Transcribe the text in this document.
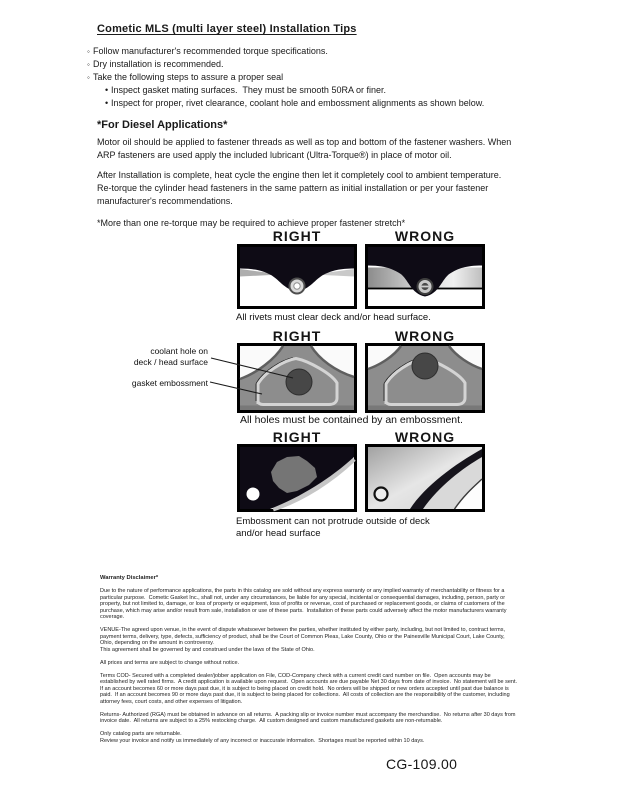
Cometic MLS (multi layer steel) Installation Tips
◦ Follow manufacturer's recommended torque specifications.
◦ Dry installation is recommended.
◦ Take the following steps to assure a proper seal
• Inspect gasket mating surfaces.  They must be smooth 50RA or finer.
• Inspect for proper, rivet clearance, coolant hole and embossment alignments as shown below.
*For Diesel Applications*

Motor oil should be applied to fastener threads as well as top and bottom of the fastener washers. When ARP fasteners are used apply the included lubricant (Ultra-Torque®) in place of motor oil.

After Installation is complete, heat cycle the engine then let it completely cool to ambient temperature. Re-torque the cylinder head fasteners in the same pattern as initial installation or per your fastener manufacturer's recommendations.

*More than one re-torque may be required to achieve proper fastener stretch*

RIGHT	WRONG
All rivets must clear deck and/or head surface.
RIGHT	WRONG
coolant hole on
deck / head surface
gasket embossment
All holes must be contained by an embossment.
RIGHT	WRONG
Embossment can not protrude outside of deck and/or head surface
Warranty Disclaimer*

Due to the nature of performance applications, the parts in this catalog are sold without any express warranty or any implied warranty of merchantability or fitness for a particular purpose.  Cometic Gasket Inc., shall not, under any circumstances, be liable for any special, incidental or consequential damages, including, person, party or property, but not limited to, damage, or loss of property or equipment, loss of profits or revenue, cost of purchased or replacement goods, or claims of customers of the purchase, which may arise and/or result from sale, installation or use of these parts.  Installation of these parts could adversely affect the motor manufacturers warranty coverage.

VENUE-The agreed upon venue, in the event of dispute whatsoever between the parties, whether instituted by either party, including, but not limited to, contract terms, payment terms, delivery, type, defects, sufficiency of product, shall be the Court of Common Pleas, Lake County, Ohio or the Painesville Municipal Court, Lake County, Ohio, depending on the amount in controversy.

This agreement shall be governed by and construed under the laws of the State of Ohio.

All prices and terms are subject to change without notice.

Terms COD- Secured with a completed dealer/jobber application on File, COD-Company check with a current credit card number on file.  Open accounts may be established by well rated firms.  A credit application is available upon request.  Open accounts are due payable Net 30 days from date of invoice.  No statement will be sent.  If an account becomes 60 or more days past due, it is subject to being placed on credit hold.  No orders will be shipped or new orders accepted until past due balance is paid.  If an account becomes 90 or more days past due, it is subject to being placed for collections.  All costs of collection are the responsibility of the customer, including attorney fees, court costs, and other expenses of litigation.

Returns- Authorized (RGA) must be obtained in advance on all returns.  A packing slip or invoice number must accompany the merchandise.  No returns after 30 days from invoice date.  All returns are subject to a 25% restocking charge.  All custom designed and custom manufactured gaskets are non-returnable.

Only catalog parts are returnable.

Review your invoice and notify us immediately of any incorrect or inaccurate information.  Shortages must be reported within 10 days.

CG-109.00
